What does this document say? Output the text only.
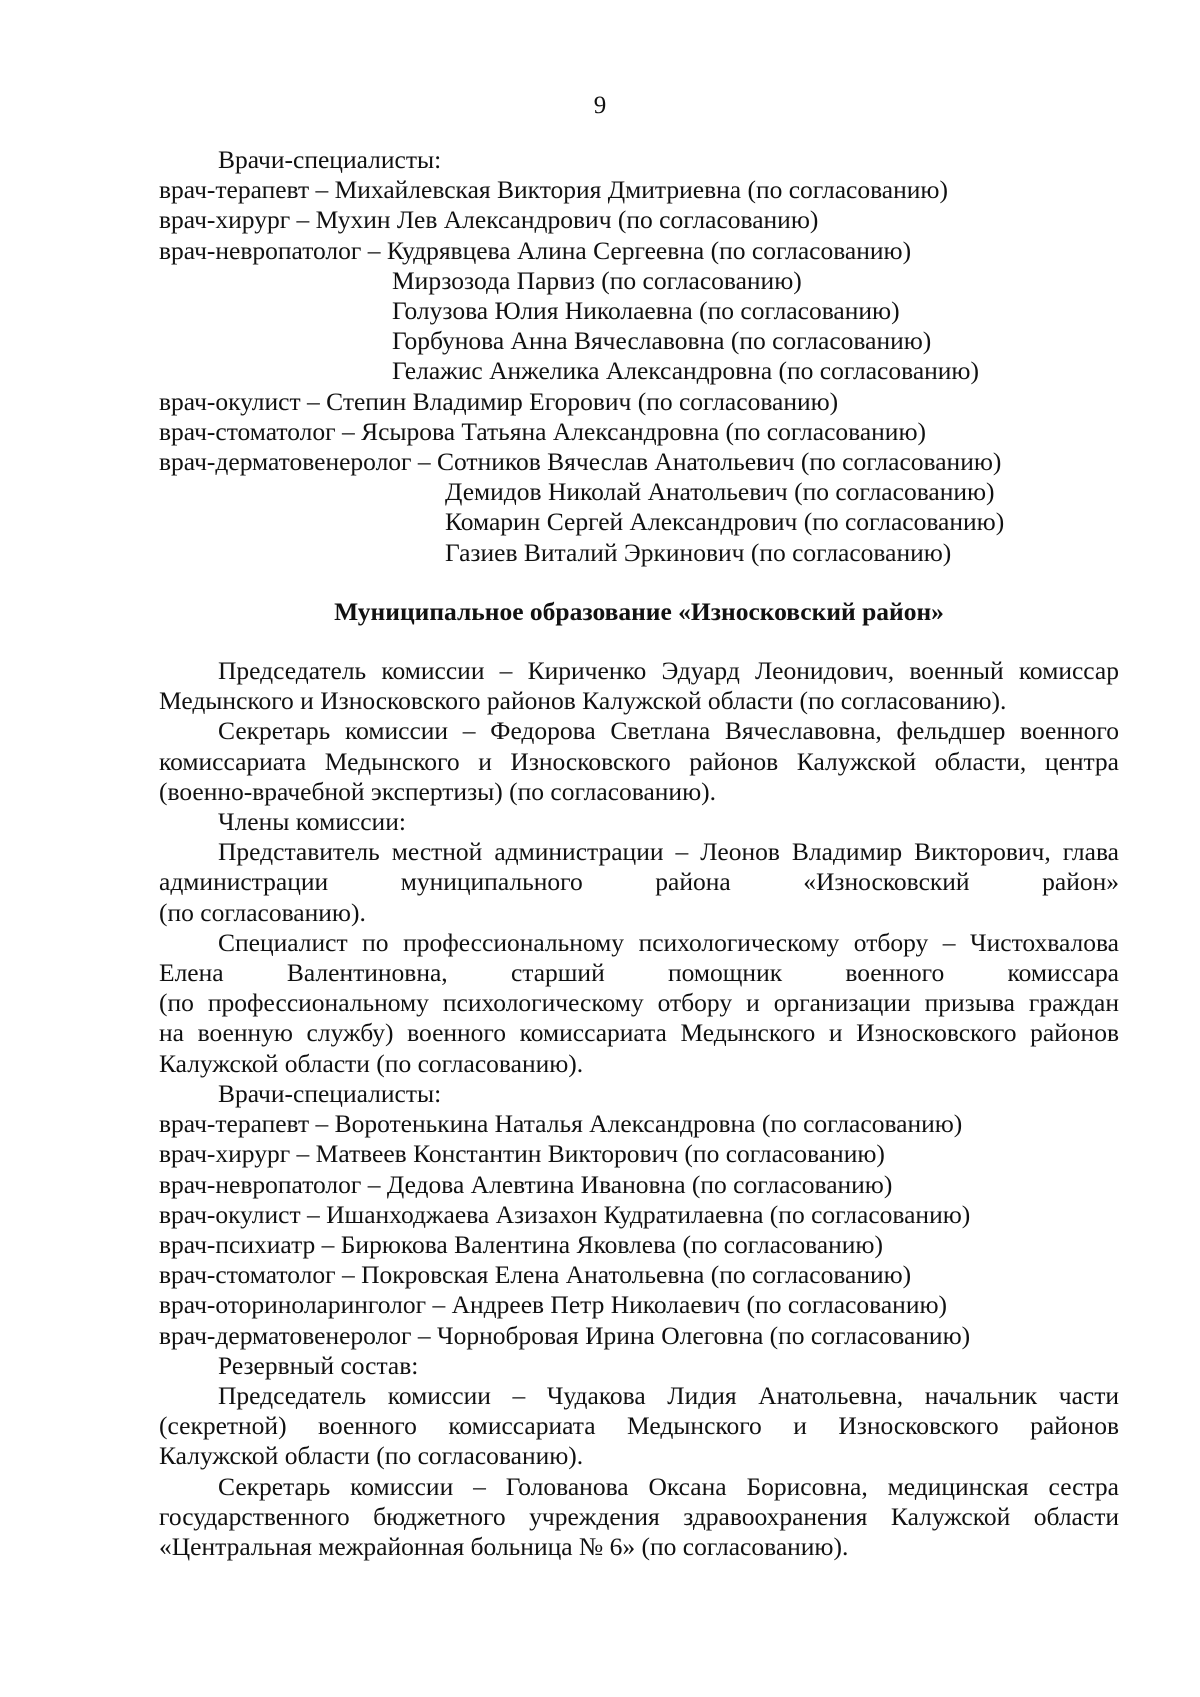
9
Врачи-специалисты:
врач-терапевт – Михайлевская Виктория Дмитриевна (по согласованию)
врач-хирург – Мухин Лев Александрович (по согласованию)
врач-невропатолог – Кудрявцева Алина Сергеевна (по согласованию)
Мирзозода Парвиз (по согласованию)
Голузова Юлия Николаевна (по согласованию)
Горбунова Анна Вячеславовна (по согласованию)
Гелажис Анжелика Александровна (по согласованию)
врач-окулист – Степин Владимир Егорович (по согласованию)
врач-стоматолог – Ясырова Татьяна Александровна (по согласованию)
врач-дерматовенеролог – Сотников Вячеслав Анатольевич (по согласованию)
Демидов Николай Анатольевич (по согласованию)
Комарин Сергей Александрович (по согласованию)
Газиев Виталий Эркинович (по согласованию)
Муниципальное образование «Износковский район»
Председатель комиссии – Кириченко Эдуард Леонидович, военный комиссар
Медынского и Износковского районов Калужской области (по согласованию).
Секретарь комиссии – Федорова Светлана Вячеславовна, фельдшер военного
комиссариата Медынского и Износковского районов Калужской области, центра
(военно-врачебной экспертизы) (по согласованию).
Члены комиссии:
Представитель местной администрации – Леонов Владимир Викторович, глава
администрации муниципального района «Износковский район»
(по согласованию).
Специалист по профессиональному психологическому отбору – Чистохвалова
Елена Валентиновна, старший помощник военного комиссара
(по профессиональному психологическому отбору и организации призыва граждан
на военную службу) военного комиссариата Медынского и Износковского районов
Калужской области (по согласованию).
Врачи-специалисты:
врач-терапевт – Воротенькина Наталья Александровна (по согласованию)
врач-хирург – Матвеев Константин Викторович (по согласованию)
врач-невропатолог – Дедова Алевтина Ивановна (по согласованию)
врач-окулист – Ишанходжаева Азизахон Кудратилаевна (по согласованию)
врач-психиатр – Бирюкова Валентина Яковлева (по согласованию)
врач-стоматолог – Покровская Елена Анатольевна (по согласованию)
врач-оториноларинголог – Андреев Петр Николаевич (по согласованию)
врач-дерматовенеролог – Чорнобровая Ирина Олеговна (по согласованию)
Резервный состав:
Председатель комиссии – Чудакова Лидия Анатольевна, начальник части
(секретной) военного комиссариата Медынского и Износковского районов
Калужской области (по согласованию).
Секретарь комиссии – Голованова Оксана Борисовна, медицинская сестра
государственного бюджетного учреждения здравоохранения Калужской области
«Центральная межрайонная больница № 6» (по согласованию).
